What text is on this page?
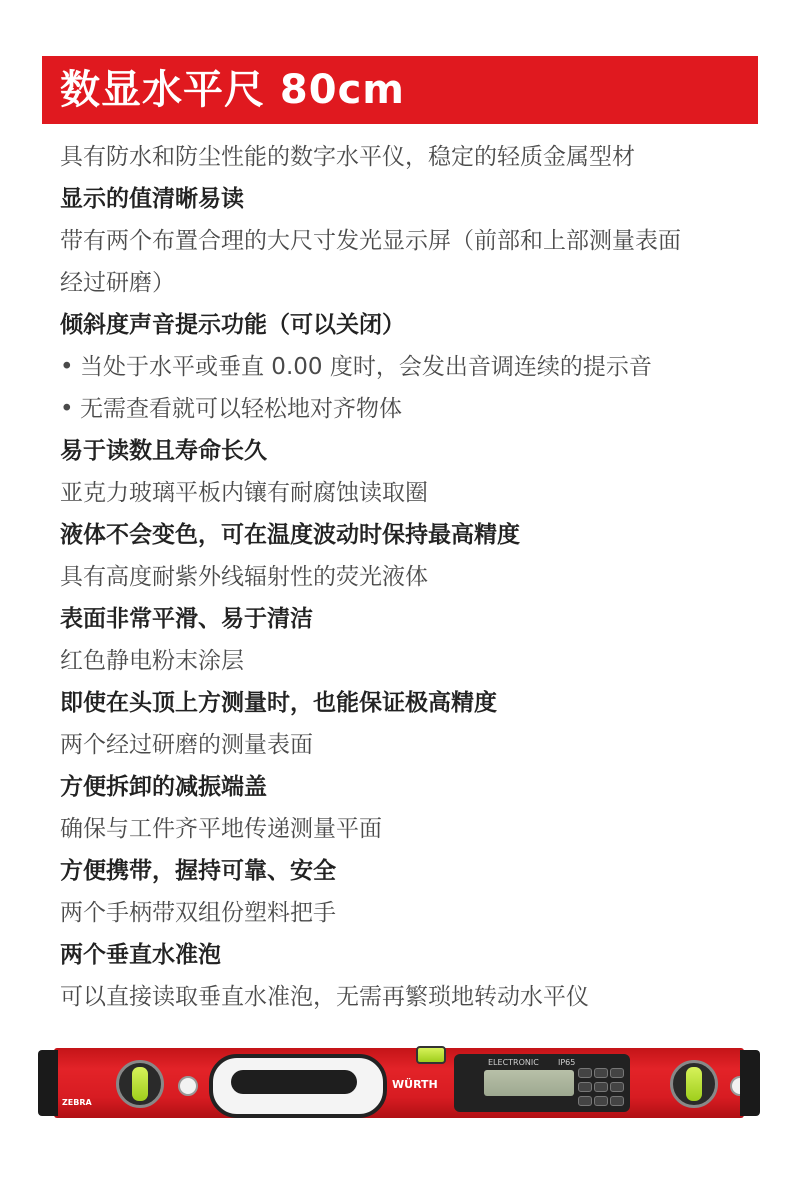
数显水平尺 80cm
具有防水和防尘性能的数字水平仪，稳定的轻质金属型材
显示的值清晰易读
带有两个布置合理的大尺寸发光显示屏（前部和上部测量表面
经过研磨）
倾斜度声音提示功能（可以关闭）
• 当处于水平或垂直 0.00 度时，会发出音调连续的提示音
• 无需查看就可以轻松地对齐物体
易于读数且寿命长久
亚克力玻璃平板内镶有耐腐蚀读取圈
液体不会变色，可在温度波动时保持最高精度
具有高度耐紫外线辐射性的荧光液体
表面非常平滑、易于清洁
红色静电粉末涂层
即使在头顶上方测量时，也能保证极高精度
两个经过研磨的测量表面
方便拆卸的减振端盖
确保与工件齐平地传递测量平面
方便携带，握持可靠、安全
两个手柄带双组份塑料把手
两个垂直水准泡
可以直接读取垂直水准泡，无需再繁琐地转动水平仪
ZEBRA
WÜRTH
ELECTRONIC IP65
